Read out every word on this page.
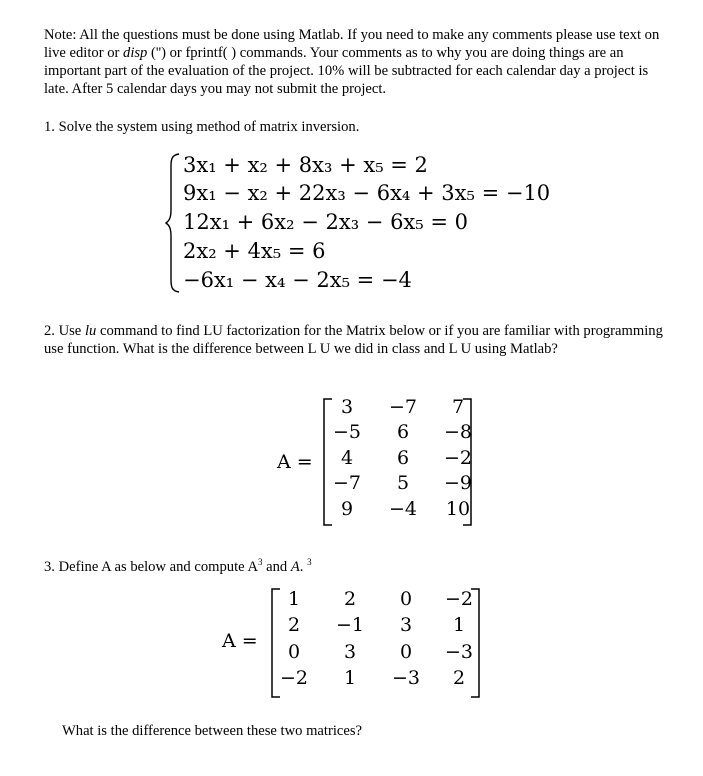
Note: All the questions must be done using Matlab. If you need to make any comments please use text on live editor or disp ('') or fprintf( ) commands. Your comments as to why you are doing things are an important part of the evaluation of the project. 10% will be subtracted for each calendar day a project is late. After 5 calendar days you may not submit the project.
1. Solve the system using method of matrix inversion.
3x₁ + x₂ + 8x₃ + x₅ = 2
9x₁ − x₂ + 22x₃ − 6x₄ + 3x₅ = −10
12x₁ + 6x₂ − 2x₃ − 6x₅ = 0
2x₂ + 4x₅ = 6
−6x₁ − x₄ − 2x₅ = −4
2. Use lu command to find LU factorization for the Matrix below or if you are familiar with programming use function. What is the difference between L U we did in class and L U using Matlab?
A =
3	−7	7
−5	6	−8
4	6	−2
−7	5	−9
9	−4	10
3. Define A as below and compute $A^3$ and A. $^3$
A =
1	2	0	−2
2	−1	3	1
0	3	0	−3
−2	1	−3	2
What is the difference between these two matrices?
